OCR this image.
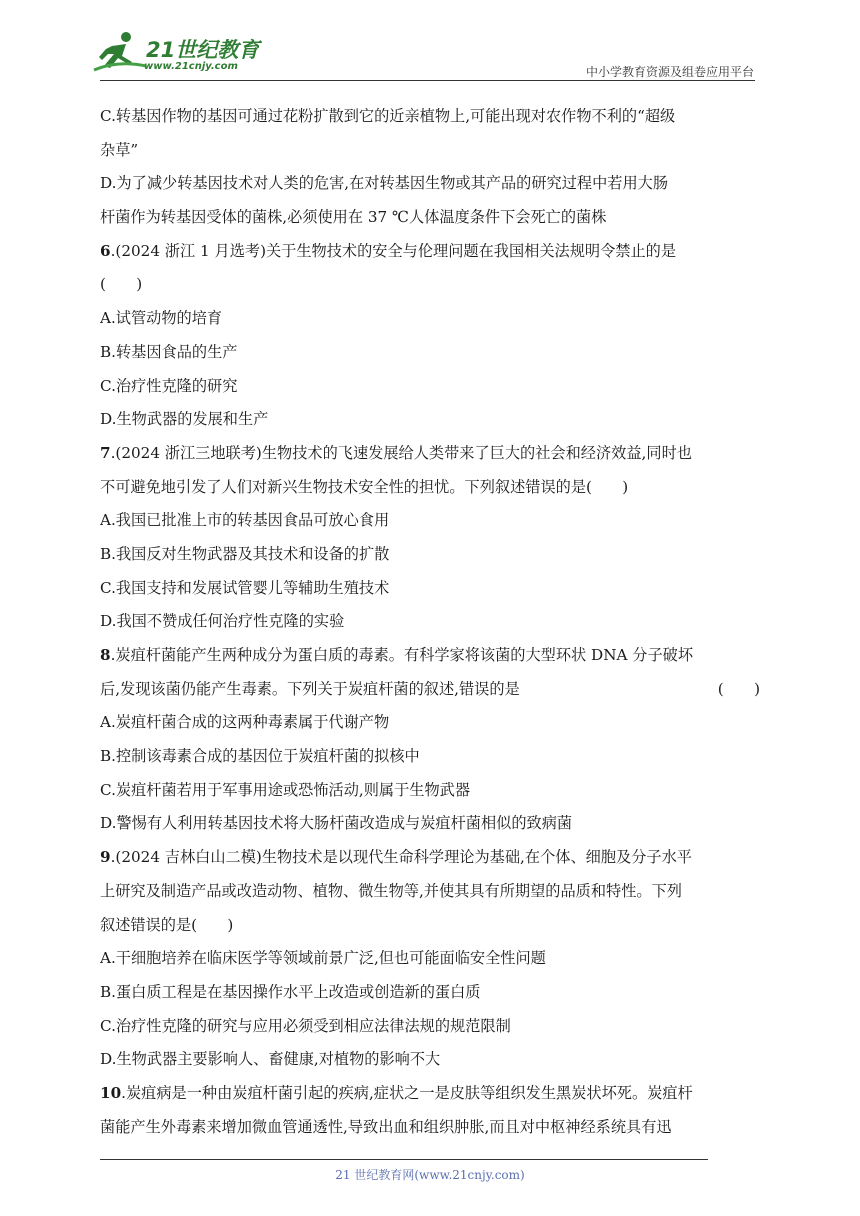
21世纪教育
www.21cnjy.com	中小学教育资源及组卷应用平台
C.转基因作物的基因可通过花粉扩散到它的近亲植物上,可能出现对农作物不利的“超级
杂草”
D.为了减少转基因技术对人类的危害,在对转基因生物或其产品的研究过程中若用大肠
杆菌作为转基因受体的菌株,必须使用在 37 ℃人体温度条件下会死亡的菌株
6.(2024 浙江 1 月选考)关于生物技术的安全与伦理问题在我国相关法规明令禁止的是
(　　)
A.试管动物的培育
B.转基因食品的生产
C.治疗性克隆的研究
D.生物武器的发展和生产
7.(2024 浙江三地联考)生物技术的飞速发展给人类带来了巨大的社会和经济效益,同时也
不可避免地引发了人们对新兴生物技术安全性的担忧。下列叙述错误的是(　　)
A.我国已批准上市的转基因食品可放心食用
B.我国反对生物武器及其技术和设备的扩散
C.我国支持和发展试管婴儿等辅助生殖技术
D.我国不赞成任何治疗性克隆的实验
8.炭疽杆菌能产生两种成分为蛋白质的毒素。有科学家将该菌的大型环状 DNA 分子破坏
后,发现该菌仍能产生毒素。下列关于炭疽杆菌的叙述,错误的是	(　　)
A.炭疽杆菌合成的这两种毒素属于代谢产物
B.控制该毒素合成的基因位于炭疽杆菌的拟核中
C.炭疽杆菌若用于军事用途或恐怖活动,则属于生物武器
D.警惕有人利用转基因技术将大肠杆菌改造成与炭疽杆菌相似的致病菌
9.(2024 吉林白山二模)生物技术是以现代生命科学理论为基础,在个体、细胞及分子水平
上研究及制造产品或改造动物、植物、微生物等,并使其具有所期望的品质和特性。下列
叙述错误的是(　　)
A.干细胞培养在临床医学等领域前景广泛,但也可能面临安全性问题
B.蛋白质工程是在基因操作水平上改造或创造新的蛋白质
C.治疗性克隆的研究与应用必须受到相应法律法规的规范限制
D.生物武器主要影响人、畜健康,对植物的影响不大
10.炭疽病是一种由炭疽杆菌引起的疾病,症状之一是皮肤等组织发生黑炭状坏死。炭疽杆
菌能产生外毒素来增加微血管通透性,导致出血和组织肿胀,而且对中枢神经系统具有迅
21 世纪教育网(www.21cnjy.com)
